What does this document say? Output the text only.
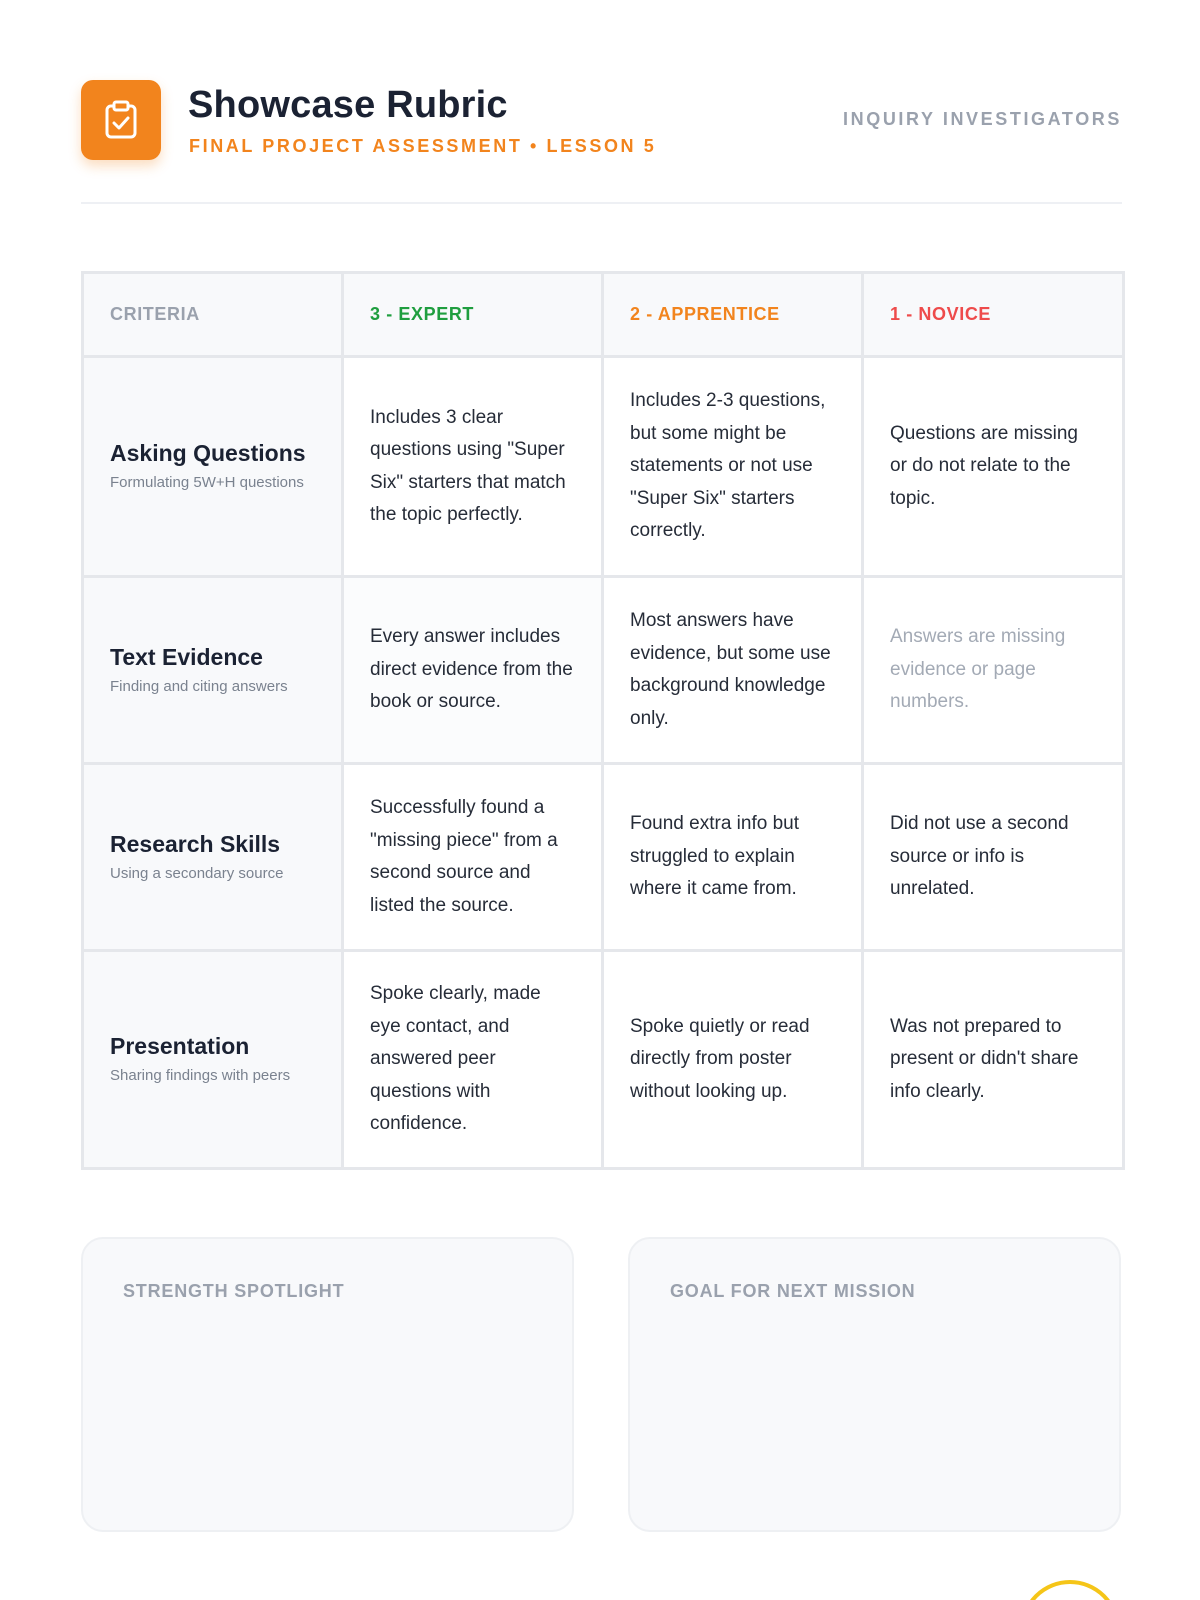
Showcase Rubric
FINAL PROJECT ASSESSMENT • LESSON 5
INQUIRY INVESTIGATORS
CRITERIA	3 - EXPERT	2 - APPRENTICE	1 - NOVICE

Asking Questions
Formulating 5W+H questions	Includes 3 clear questions using "Super Six" starters that match the topic perfectly.	Includes 2-3 questions, but some might be statements or not use "Super Six" starters correctly.	Questions are missing or do not relate to the topic.

Text Evidence
Finding and citing answers	Every answer includes direct evidence from the book or source.	Most answers have evidence, but some use background knowledge only.	Answers are missing evidence or page numbers.

Research Skills
Using a secondary source	Successfully found a "missing piece" from a second source and listed the source.	Found extra info but struggled to explain where it came from.	Did not use a second source or info is unrelated.

Presentation
Sharing findings with peers	Spoke clearly, made eye contact, and answered peer questions with confidence.	Spoke quietly or read directly from poster without looking up.	Was not prepared to present or didn't share info clearly.
STRENGTH SPOTLIGHT	GOAL FOR NEXT MISSION
